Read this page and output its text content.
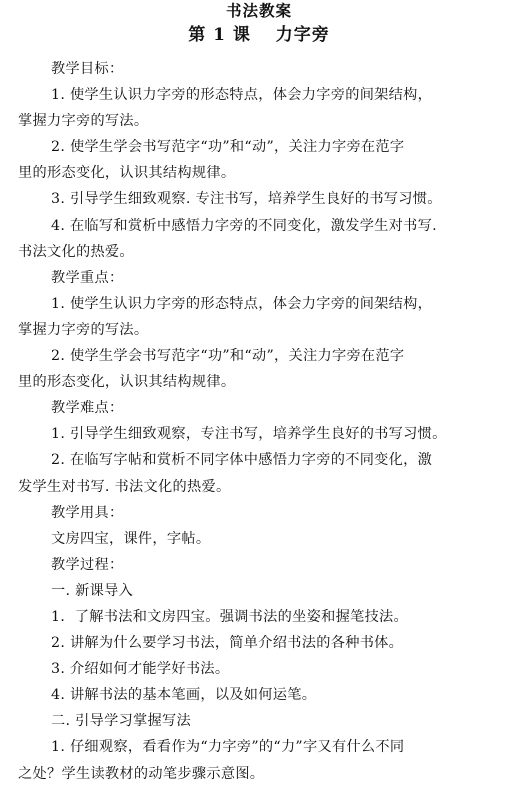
书法教案
第 1 课　 力字旁
教学目标：
1. 使学生认识力字旁的形态特点，体会力字旁的间架结构，
掌握力字旁的写法。
2. 使学生学会书写范字“功”和“动”，关注力字旁在范字
里的形态变化，认识其结构规律。
3. 引导学生细致观察. 专注书写，培养学生良好的书写习惯。
4. 在临写和赏析中感悟力字旁的不同变化，激发学生对书写.
书法文化的热爱。
教学重点：
1. 使学生认识力字旁的形态特点，体会力字旁的间架结构，
掌握力字旁的写法。
2. 使学生学会书写范字“功”和“动”，关注力字旁在范字
里的形态变化，认识其结构规律。
教学难点：
1. 引导学生细致观察，专注书写，培养学生良好的书写习惯。
2. 在临写字帖和赏析不同字体中感悟力字旁的不同变化，激
发学生对书写. 书法文化的热爱。
教学用具：
文房四宝，课件，字帖。
教学过程：
一. 新课导入
1．了解书法和文房四宝。强调书法的坐姿和握笔技法。
2. 讲解为什么要学习书法，简单介绍书法的各种书体。
3. 介绍如何才能学好书法。
4. 讲解书法的基本笔画，以及如何运笔。
二. 引导学习掌握写法
1. 仔细观察，看看作为“力字旁”的“力”字又有什么不同
之处？学生读教材的动笔步骤示意图。
